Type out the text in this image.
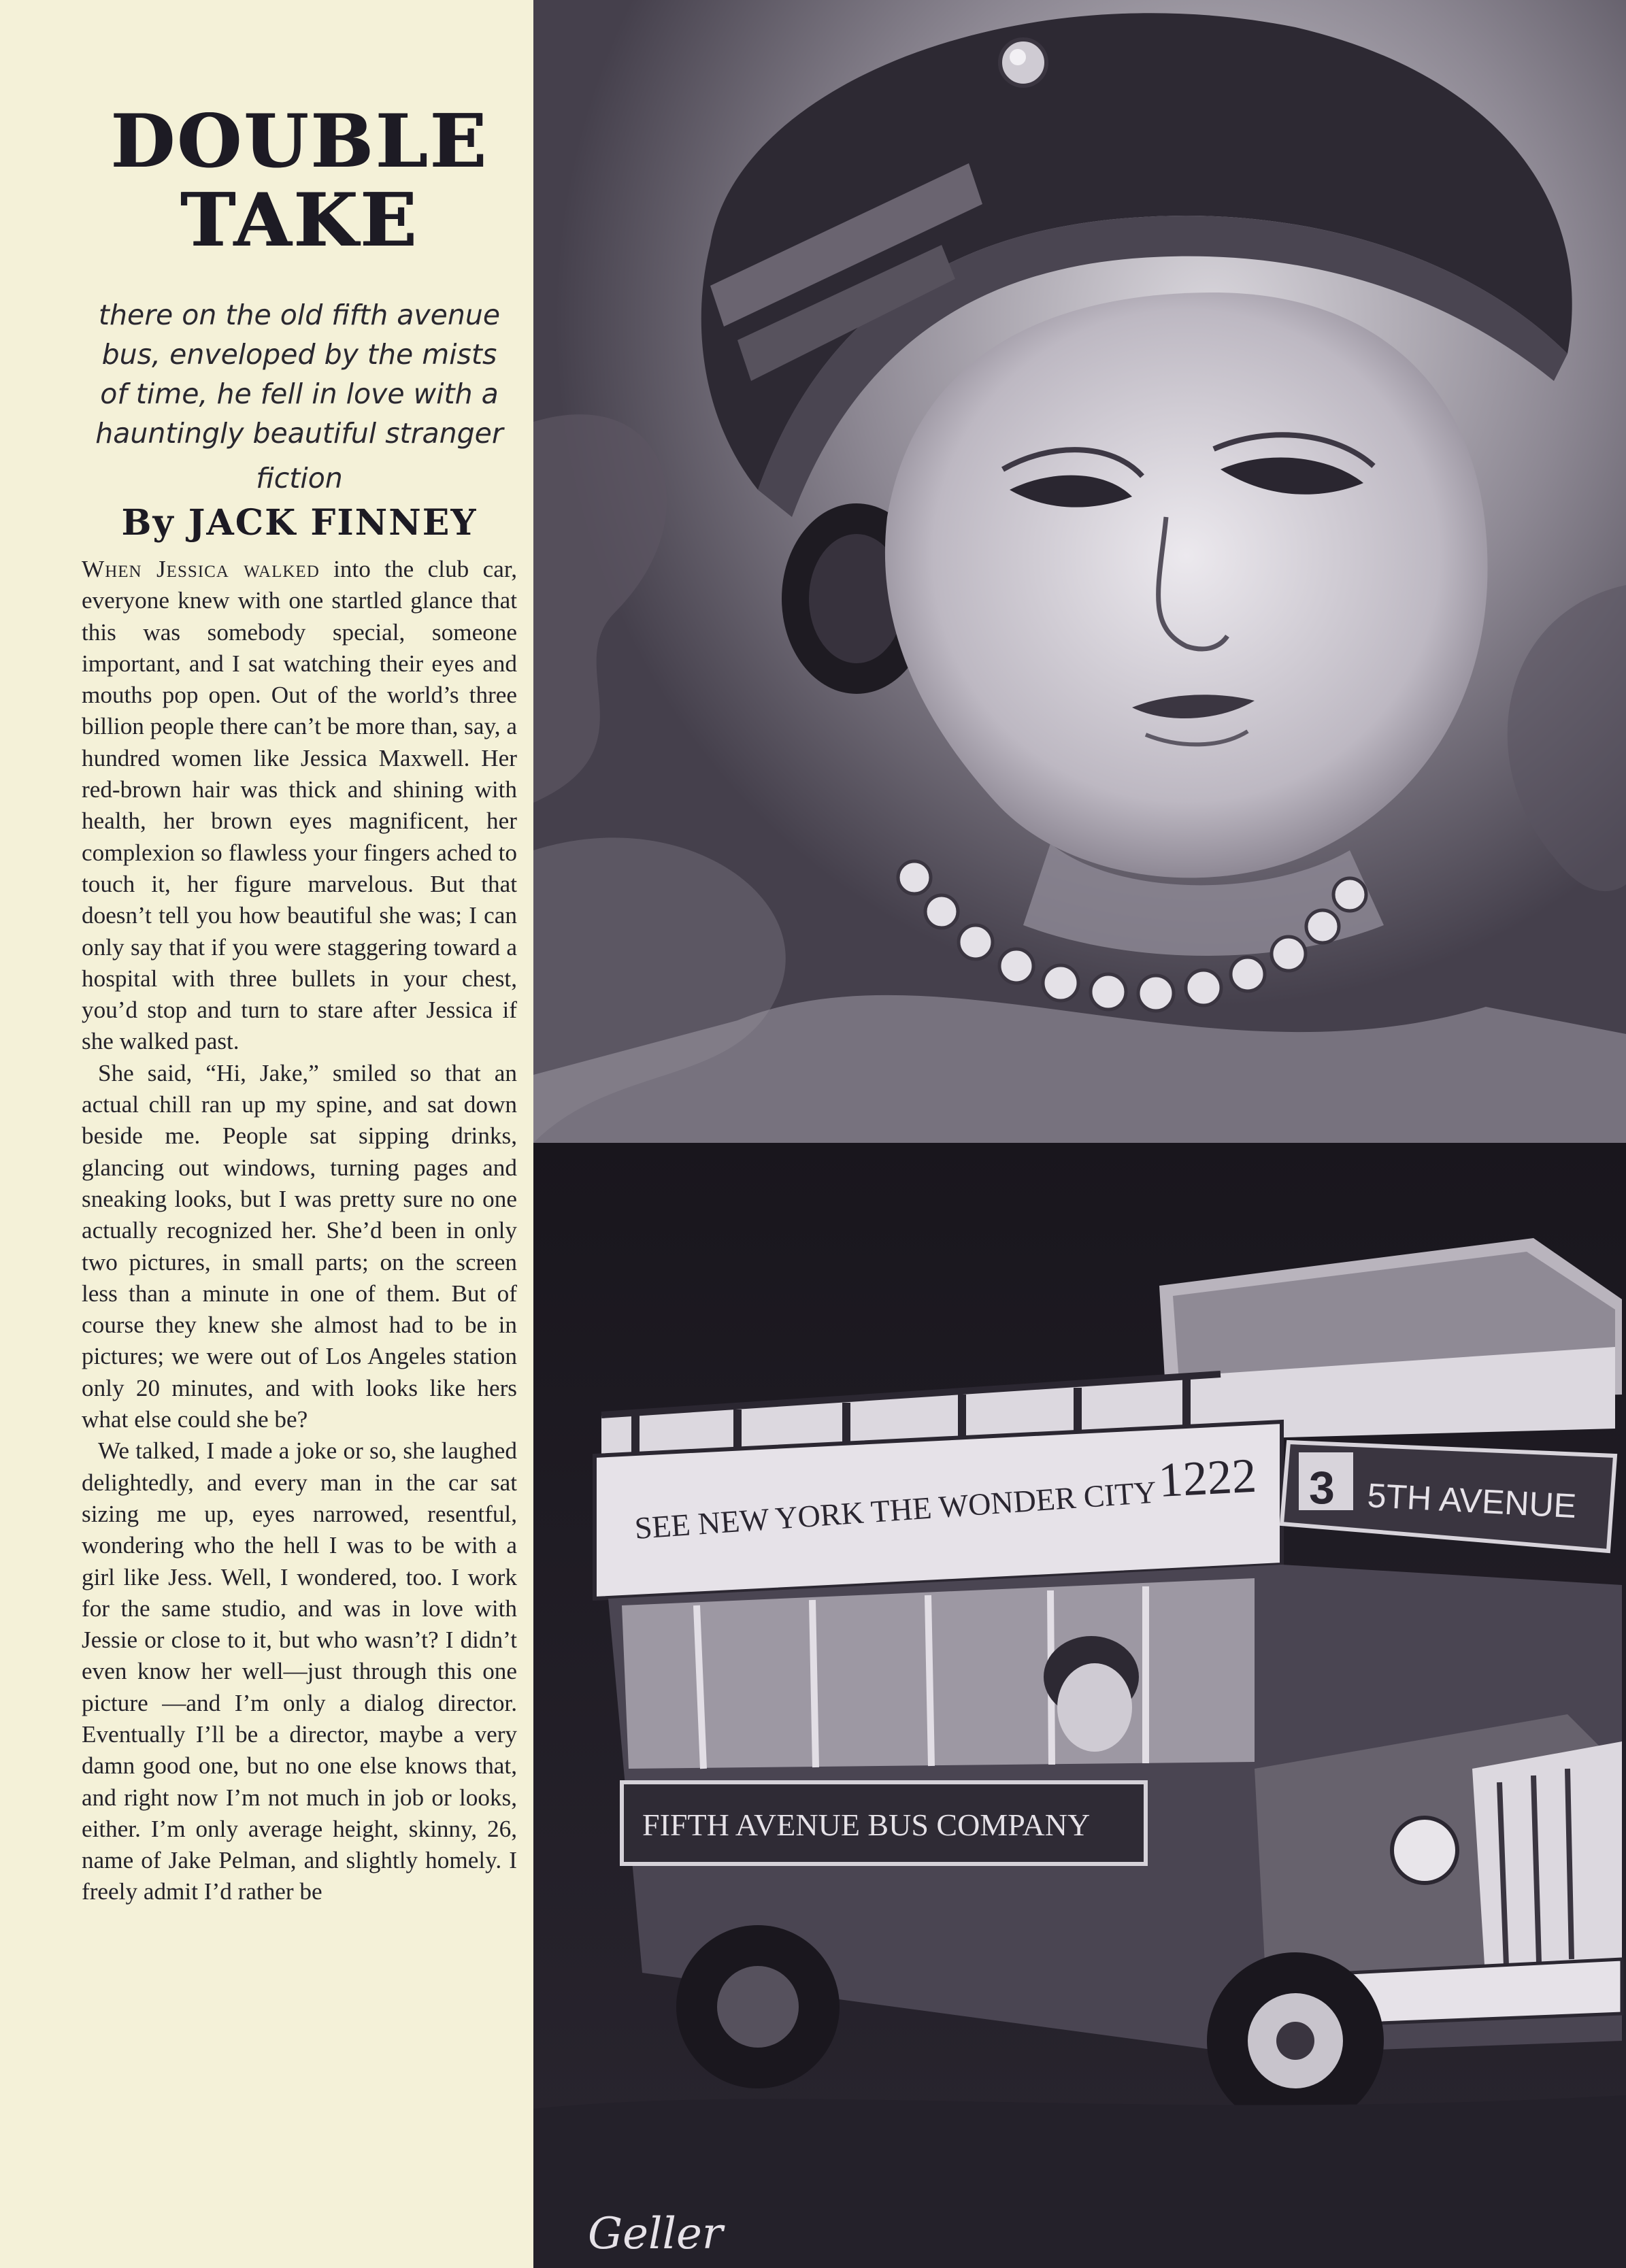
DOUBLE
TAKE

there on the old fifth avenue bus, enveloped by the mists of time, he fell in love with a hauntingly beautiful stranger

fiction

By JACK FINNEY

When Jessica walked into the club car, everyone knew with one startled glance that this was somebody special, someone important, and I sat watching their eyes and mouths pop open. Out of the world’s three billion people there can’t be more than, say, a hundred women like Jessica Maxwell. Her red-brown hair was thick and shining with health, her brown eyes magnificent, her complexion so flawless your fingers ached to touch it, her figure marvelous. But that doesn’t tell you how beautiful she was; I can only say that if you were staggering toward a hospital with three bullets in your chest, you’d stop and turn to stare after Jessica if she walked past.

She said, “Hi, Jake,” smiled so that an actual chill ran up my spine, and sat down beside me. People sat sipping drinks, glancing out windows, turning pages and sneaking looks, but I was pretty sure no one actually recognized her. She’d been in only two pictures, in small parts; on the screen less than a minute in one of them. But of course they knew she almost had to be in pictures; we were out of Los Angeles station only 20 minutes, and with looks like hers what else could she be?

We talked, I made a joke or so, she laughed delightedly, and every man in the car sat sizing me up, eyes narrowed, resentful, wondering who the hell I was to be with a girl like Jess. Well, I wondered, too. I work for the same studio, and was in love with Jessie or close to it, but who wasn’t? I didn’t even know her well—just through this one picture —and I’m only a dialog director. Eventually I’ll be a director, maybe a very damn good one, but no one else knows that, and right now I’m not much in job or looks, either. I’m only average height, skinny, 26, name of Jake Pelman, and slightly homely. I freely admit I’d rather be

SEE NEW YORK THE WONDER CITY 1222 3 5TH AVENUE
FIFTH AVENUE BUS COMPANY
Geller
